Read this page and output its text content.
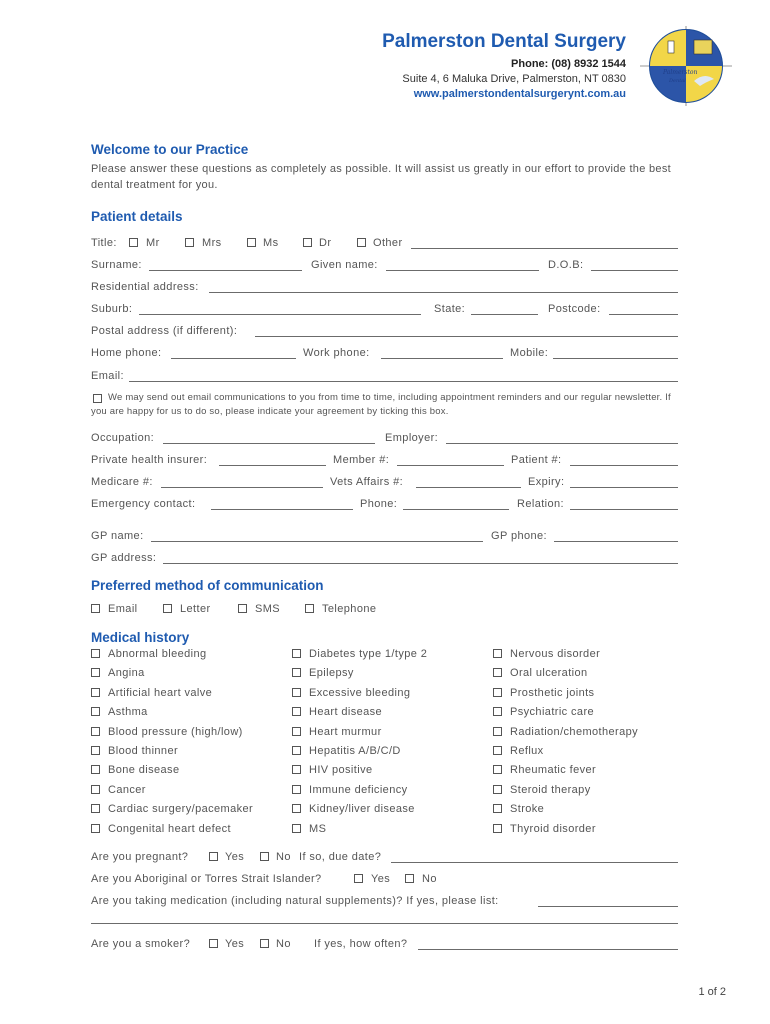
Palmerston Dental Surgery
Phone: (08) 8932 1544
Suite 4, 6 Maluka Drive, Palmerston, NT 0830
www.palmerstondentalsurgerynt.com.au
Palmerston
Dental
Welcome to our Practice
Please answer these questions as completely as possible. It will assist us greatly in our effort to provide the best dental treatment for you.
Patient details
Title:	Mr	Mrs	Ms	Dr	Other
Surname:	Given name:	D.O.B:
Residential address:
Suburb:	State:	Postcode:
Postal address (if different):
Home phone:	Work phone:	Mobile:
Email:
We may send out email communications to you from time to time, including appointment reminders and our regular newsletter. If you are happy for us to do so, please indicate your agreement by ticking this box.
Occupation:	Employer:
Private health insurer:	Member #:	Patient #:
Medicare #:	Vets Affairs #:	Expiry:
Emergency contact:	Phone:	Relation:
GP name:	GP phone:
GP address:
Preferred method of communication
Email	Letter	SMS	Telephone
Medical history
Abnormal bleeding
Angina
Artificial heart valve
Asthma
Blood pressure (high/low)
Blood thinner
Bone disease
Cancer
Cardiac surgery/pacemaker
Congenital heart defect
Diabetes type 1/type 2
Epilepsy
Excessive bleeding
Heart disease
Heart murmur
Hepatitis A/B/C/D
HIV positive
Immune deficiency
Kidney/liver disease
MS
Nervous disorder
Oral ulceration
Prosthetic joints
Psychiatric care
Radiation/chemotherapy
Reflux
Rheumatic fever
Steroid therapy
Stroke
Thyroid disorder
Are you pregnant?	Yes	No If so, due date?
Are you Aboriginal or Torres Strait Islander?	Yes	No
Are you taking medication (including natural supplements)? If yes, please list:
Are you a smoker?	Yes	No If yes, how often?
1 of 2
